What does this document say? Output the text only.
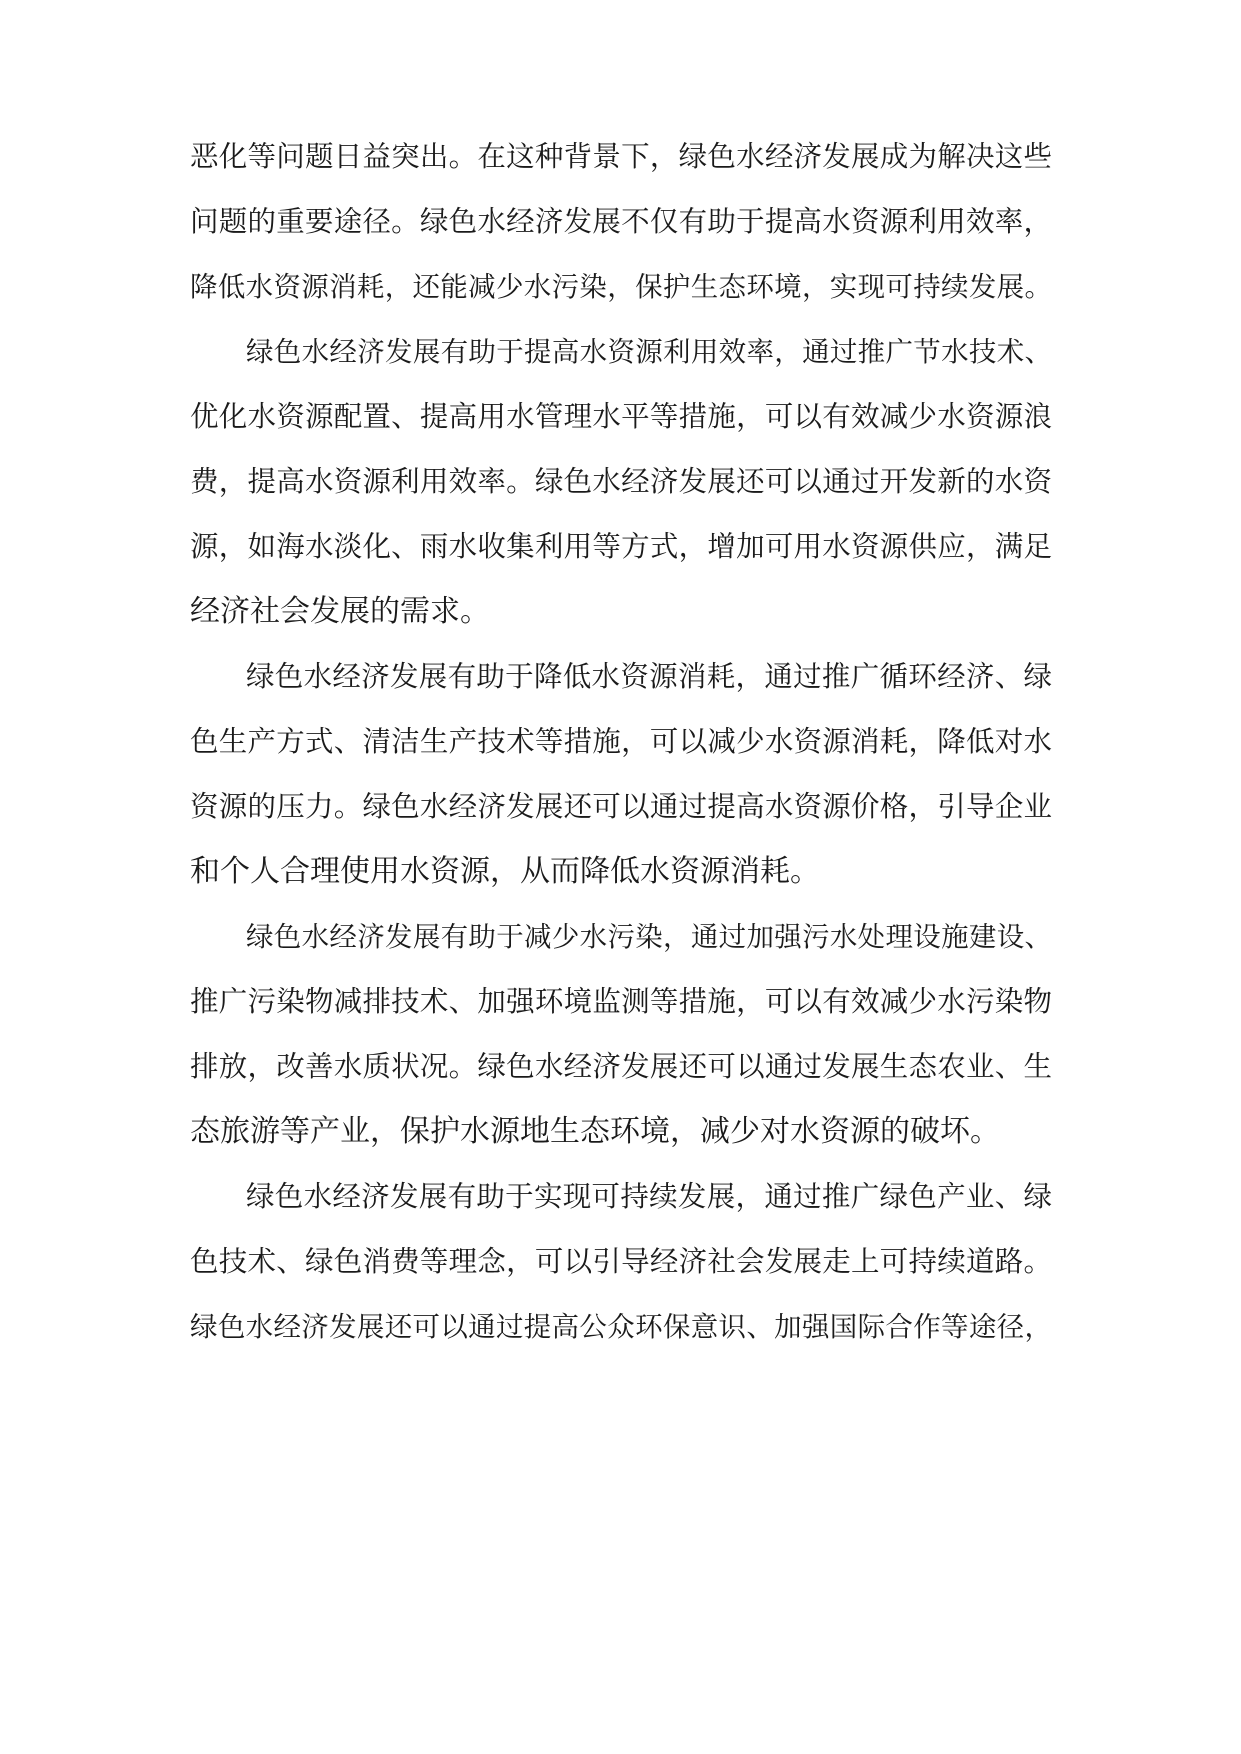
恶化等问题日益突出。在这种背景下，绿色水经济发展成为解决这些
问题的重要途径。绿色水经济发展不仅有助于提高水资源利用效率，
降低水资源消耗，还能减少水污染，保护生态环境，实现可持续发展。
绿色水经济发展有助于提高水资源利用效率，通过推广节水技术、
优化水资源配置、提高用水管理水平等措施，可以有效减少水资源浪
费，提高水资源利用效率。绿色水经济发展还可以通过开发新的水资
源，如海水淡化、雨水收集利用等方式，增加可用水资源供应，满足
经济社会发展的需求。
绿色水经济发展有助于降低水资源消耗，通过推广循环经济、绿
色生产方式、清洁生产技术等措施，可以减少水资源消耗，降低对水
资源的压力。绿色水经济发展还可以通过提高水资源价格，引导企业
和个人合理使用水资源，从而降低水资源消耗。
绿色水经济发展有助于减少水污染，通过加强污水处理设施建设、
推广污染物减排技术、加强环境监测等措施，可以有效减少水污染物
排放，改善水质状况。绿色水经济发展还可以通过发展生态农业、生
态旅游等产业，保护水源地生态环境，减少对水资源的破坏。
绿色水经济发展有助于实现可持续发展，通过推广绿色产业、绿
色技术、绿色消费等理念，可以引导经济社会发展走上可持续道路。
绿色水经济发展还可以通过提高公众环保意识、加强国际合作等途径，
